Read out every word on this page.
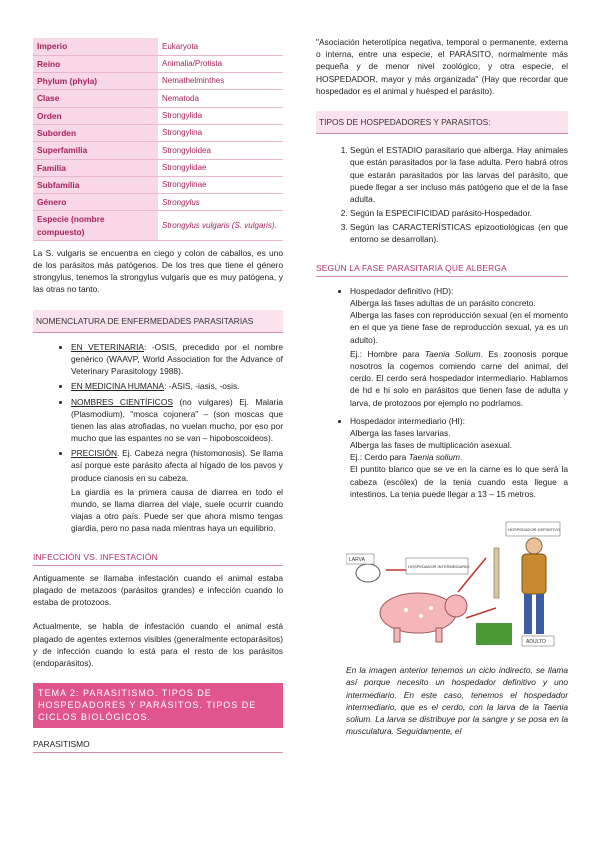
Imperio	Eukaryota
Reino	Animalia/Protista
Phylum (phyla)	Nemathelminthes
Clase	Nematoda
Orden	Strongylida
Suborden	Strongylina
Superfamilia	Strongyloidea
Familia	Strongylidae
Subfamilia	Strongylinae
Género	Strongylus
Especie (nombre compuesto)	Strongylus vulgaris (S. vulgaris).

La S. vulgaris se encuentra en ciego y colon de caballos, es uno de los parásitos más patógenos. De los tres que tiene el género strongylus, tenemos la strongylus vulgaris que es muy patógena, y las otras no tanto.

NOMENCLATURA DE ENFERMEDADES PARASITARIAS
• EN VETERINARIA: -OSIS, precedido por el nombre genérico (WAAVP, World Association for the Advance of Veterinary Parasitology 1988).
• EN MEDICINA HUMANA: -ASIS, -iasis, -osis.
• NOMBRES CIENTÍFICOS (no vulgares) Ej. Malaria (Plasmodium), "mosca cojonera" – (son moscas que tienen las alas atrofiadas, no vuelan mucho, por eso por mucho que las espantes no se van – hipoboscoideos).
• PRECISIÓN. Ej. Cabeza negra (histomonosis). Se llama así porque este parásito afecta al hígado de los pavos y produce cianosis en su cabeza.
La giardia es la primera causa de diarrea en todo el mundo, se llama diarrea del viaje, suele ocurrir cuando viajas a otro país. Puede ser que ahora mismo tengas giardia, pero no pasa nada mientras haya un equilibrio.
INFECCIÓN VS. INFESTACIÓN

Antiguamente se llamaba infestación cuando el animal estaba plagado de metazoos (parásitos grandes) e infección cuando lo estaba de protozoos.

Actualmente, se habla de infestación cuando el animal está plagado de agentes externos visibles (generalmente ectoparásitos) y de infección cuando lo está para el resto de los parásitos (endoparásitos).

TEMA 2: PARASITISMO. TIPOS DE HOSPEDADORES Y PARÁSITOS. TIPOS DE CICLOS BIOLÓGICOS.
PARASITISMO

"Asociación heterotípica negativa, temporal o permanente, externa o interna, entre una especie, el PARÁSITO, normalmente más pequeña y de menor nivel zoológico, y otra especie, el HOSPEDADOR, mayor y más organizada" (Hay que recordar que hospedador es el animal y huésped el parásito).

TIPOS DE HOSPEDADORES Y PARASITOS:
1. Según el ESTADIO parasitario que alberga. Hay animales que están parasitados por la fase adulta. Pero habrá otros que estarán parasitados por las larvas del parásito, que puede llegar a ser incluso más patógeno que el de la fase adulta.
2. Según la ESPECIFICIDAD parásito-Hospedador.
3. Según las CARACTERÍSTICAS epizootiológicas (en que entorno se desarrollan).
SEGÚN LA FASE PARASITARIA QUE ALBERGA
• Hospedador definitivo (HD):
Alberga las fases adultas de un parásito concreto.
Alberga las fases con reproducción sexual (en el momento en el que ya tiene fase de reproducción sexual, ya es un adulto).
Ej.: Hombre para Taenia Solium. Es zoonosis porque nosotros la cogemos comiendo carne del animal, del cerdo. El cerdo será hospedador intermediario. Hablamos de hd e hi solo en parásitos que tienen fase de adulta y larva, de protozoos por ejemplo no podríamos.
• Hospedador intermediario (HI):
Alberga las fases larvarias.
Alberga las fases de multiplicación asexual.
Ej.: Cerdo para Taenia solium.
El puntito blanco que se ve en la carne es lo que será la cabeza (escólex) de la tenia cuando esta llegue a intestinos. La tenia puede llegar a 13 – 15 metros.
LARVA
HOSPEDADOR INTERMEDIARIO
HOSPEDADOR DEFINITIVO
ADULTO

En la imagen anterior tenemos un ciclo indirecto, se llama así porque necesito un hospedador definitivo y uno intermediario. En este caso, tenemos el hospedador intermediario, que es el cerdo, con la larva de la Taenia solium. La larva se distribuye por la sangre y se posa en la musculatura. Seguidamente, el
